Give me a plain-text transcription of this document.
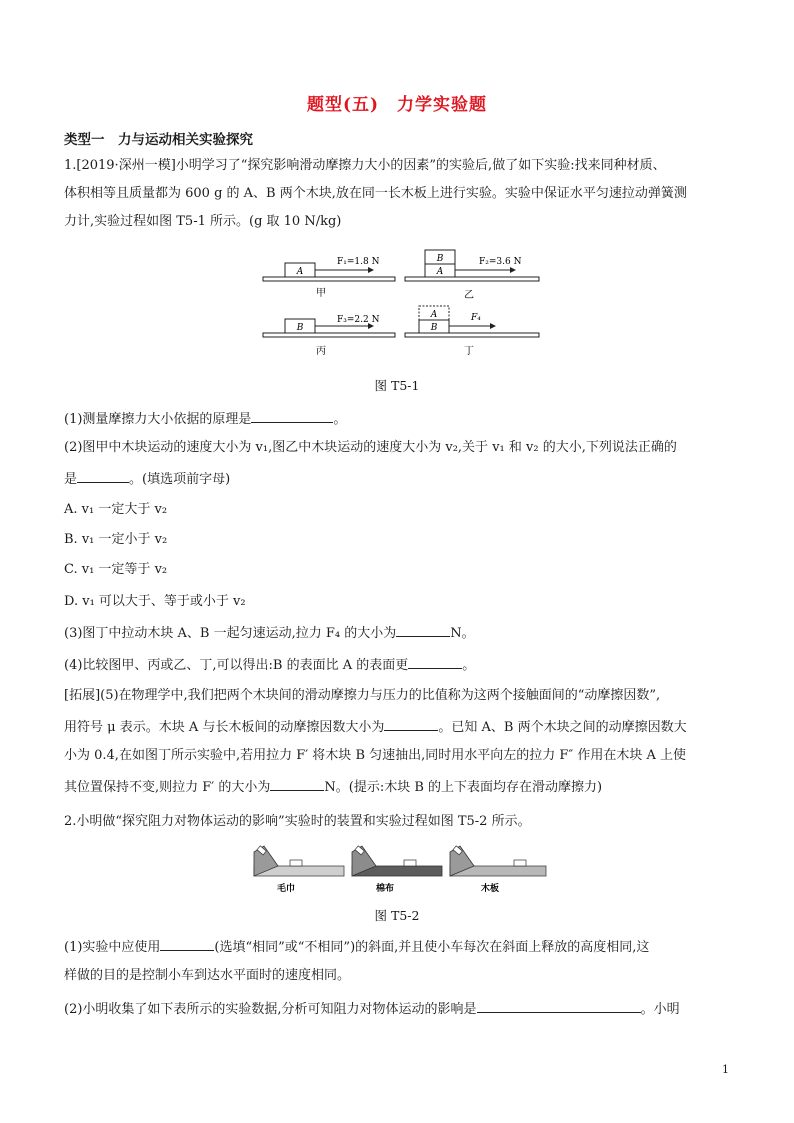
题型(五)　力学实验题
类型一　力与运动相关实验探究
1.[2019·深州一模]小明学习了“探究影响滑动摩擦力大小的因素”的实验后,做了如下实验:找来同种材质、
体积相等且质量都为 600 g 的 A、B 两个木块,放在同一长木板上进行实验。实验中保证水平匀速拉动弹簧测
力计,实验过程如图 T5-1 所示。(g 取 10 N/kg)
A
F₁=1.8 N
甲
B
A
F₂=3.6 N
乙
B
F₃=2.2 N
丙
A
B
F₄
丁
图 T5-1
(1)测量摩擦力大小依据的原理是	。
(2)图甲中木块运动的速度大小为 v₁,图乙中木块运动的速度大小为 v₂,关于 v₁ 和 v₂ 的大小,下列说法正确的
是	。(填选项前字母)
A. v₁ 一定大于 v₂
B. v₁ 一定小于 v₂
C. v₁ 一定等于 v₂
D. v₁ 可以大于、等于或小于 v₂
(3)图丁中拉动木块 A、B 一起匀速运动,拉力 F₄ 的大小为	N。
(4)比较图甲、丙或乙、丁,可以得出:B 的表面比 A 的表面更	。
[拓展](5)在物理学中,我们把两个木块间的滑动摩擦力与压力的比值称为这两个接触面间的“动摩擦因数”,
用符号 μ 表示。木块 A 与长木板间的动摩擦因数大小为	。已知 A、B 两个木块之间的动摩擦因数大
小为 0.4,在如图丁所示实验中,若用拉力 F′ 将木块 B 匀速抽出,同时用水平向左的拉力 F″ 作用在木块 A 上使
其位置保持不变,则拉力 F′ 的大小为	N。(提示:木块 B 的上下表面均存在滑动摩擦力)
2.小明做“探究阻力对物体运动的影响”实验时的装置和实验过程如图 T5-2 所示。
毛巾	棉布	木板
图 T5-2
(1)实验中应使用	(选填“相同”或“不相同”)的斜面,并且使小车每次在斜面上释放的高度相同,这
样做的目的是控制小车到达水平面时的速度相同。
(2)小明收集了如下表所示的实验数据,分析可知阻力对物体运动的影响是	。小明
1
